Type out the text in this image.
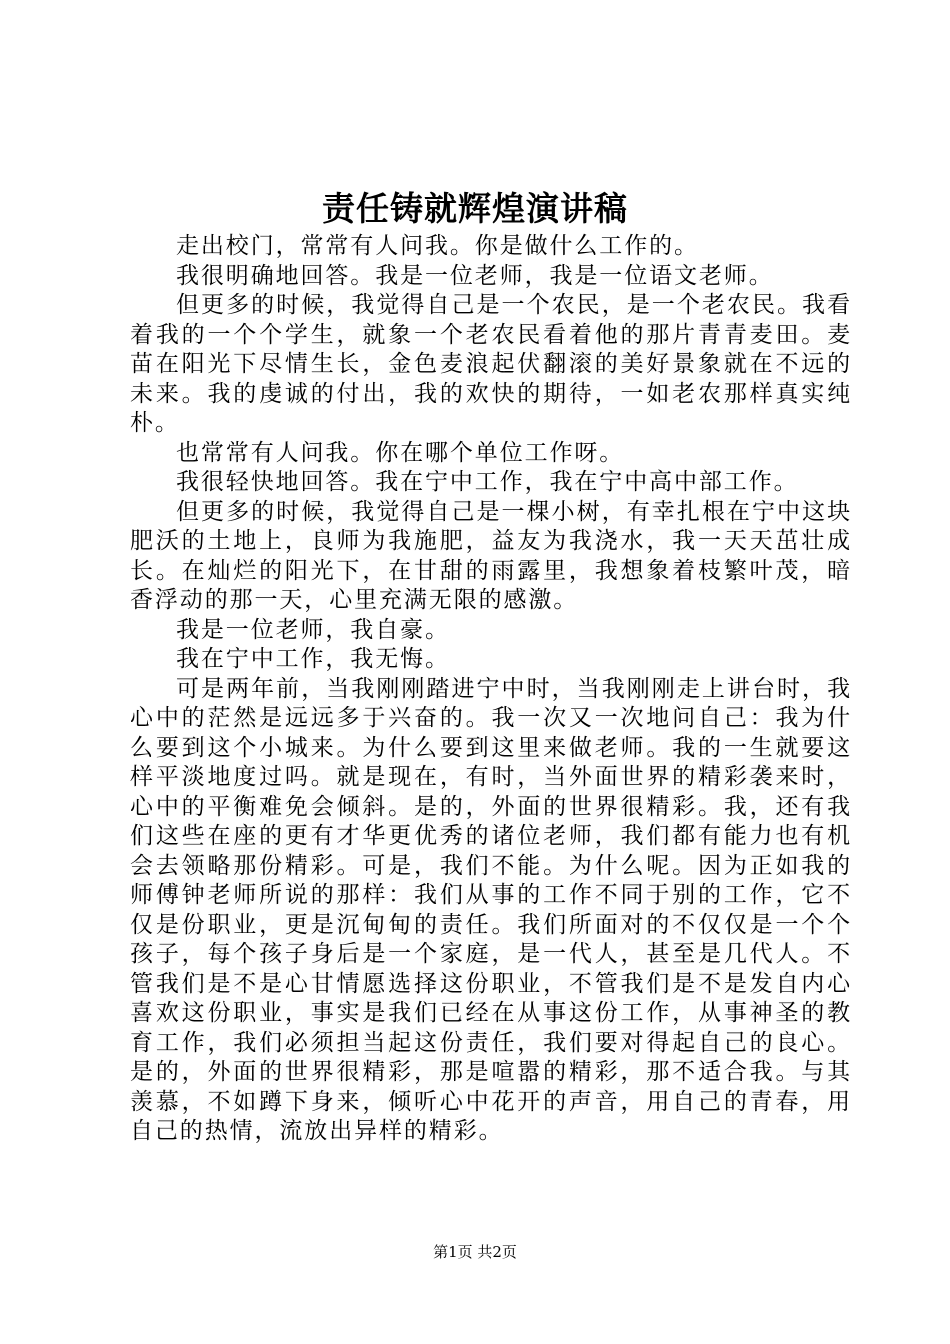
责任铸就辉煌演讲稿

走出校门，常常有人问我。你是做什么工作的。

我很明确地回答。我是一位老师，我是一位语文老师。

但更多的时候，我觉得自己是一个农民，是一个老农民。我看着我的一个个学生，就象一个老农民看着他的那片青青麦田。麦苗在阳光下尽情生长，金色麦浪起伏翻滚的美好景象就在不远的未来。我的虔诚的付出，我的欢快的期待，一如老农那样真实纯朴。

也常常有人问我。你在哪个单位工作呀。

我很轻快地回答。我在宁中工作，我在宁中高中部工作。

但更多的时候，我觉得自己是一棵小树，有幸扎根在宁中这块肥沃的土地上，良师为我施肥，益友为我浇水，我一天天茁壮成长。在灿烂的阳光下，在甘甜的雨露里，我想象着枝繁叶茂，暗香浮动的那一天，心里充满无限的感激。

我是一位老师，我自豪。

我在宁中工作，我无悔。

可是两年前，当我刚刚踏进宁中时，当我刚刚走上讲台时，我心中的茫然是远远多于兴奋的。我一次又一次地问自己：我为什么要到这个小城来。为什么要到这里来做老师。我的一生就要这样平淡地度过吗。就是现在，有时，当外面世界的精彩袭来时，心中的平衡难免会倾斜。是的，外面的世界很精彩。我，还有我们这些在座的更有才华更优秀的诸位老师，我们都有能力也有机会去领略那份精彩。可是，我们不能。为什么呢。因为正如我的师傅钟老师所说的那样：我们从事的工作不同于别的工作，它不仅是份职业，更是沉甸甸的责任。我们所面对的不仅仅是一个个孩子，每个孩子身后是一个家庭，是一代人，甚至是几代人。不管我们是不是心甘情愿选择这份职业，不管我们是不是发自内心喜欢这份职业，事实是我们已经在从事这份工作，从事神圣的教育工作，我们必须担当起这份责任，我们要对得起自己的良心。是的，外面的世界很精彩，那是喧嚣的精彩，那不适合我。与其羡慕，不如蹲下身来，倾听心中花开的声音，用自己的青春，用自己的热情，流放出异样的精彩。

第1页 共2页
